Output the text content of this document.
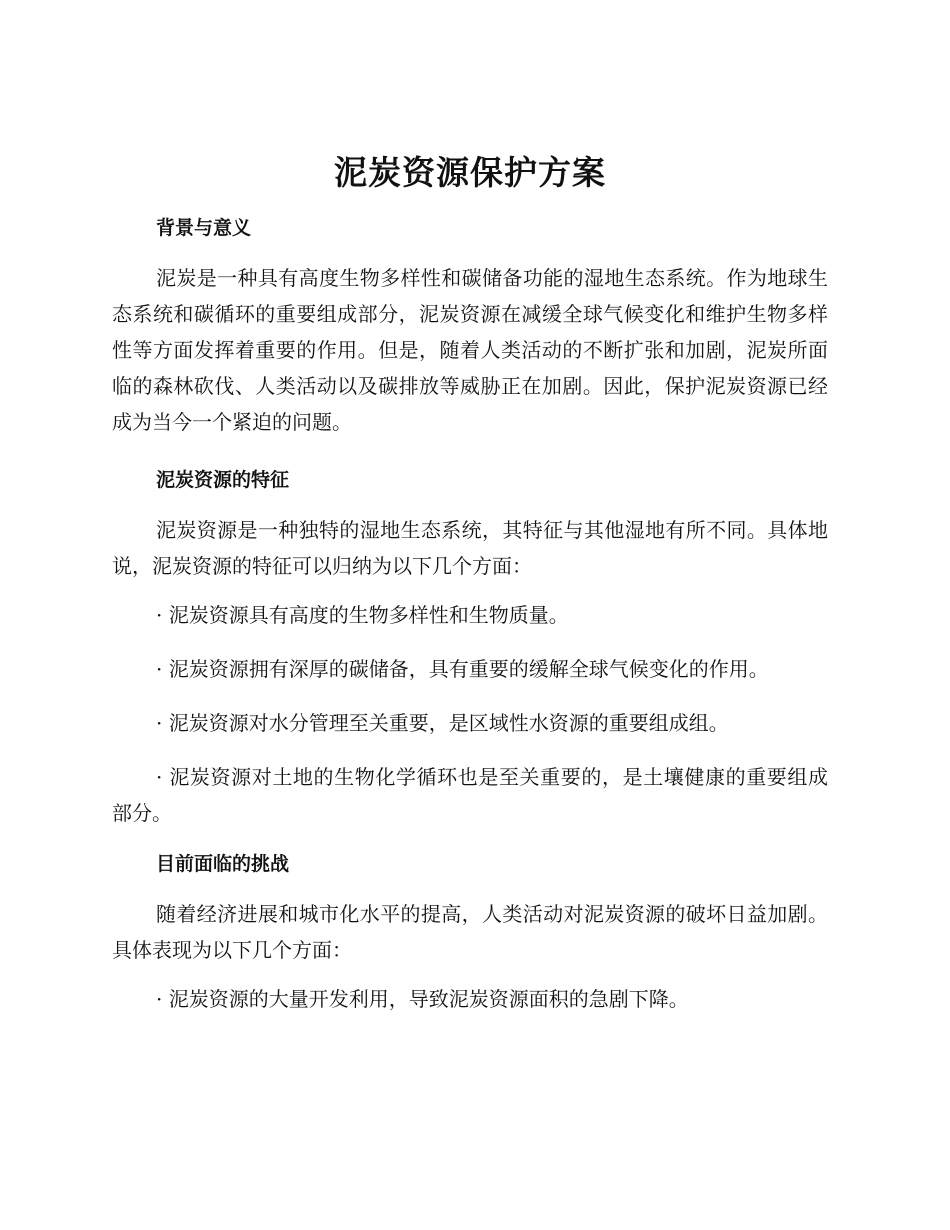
泥炭资源保护方案
背景与意义

泥炭是一种具有高度生物多样性和碳储备功能的湿地生态系统。作为地球生态系统和碳循环的重要组成部分，泥炭资源在减缓全球气候变化和维护生物多样性等方面发挥着重要的作用。但是，随着人类活动的不断扩张和加剧，泥炭所面临的森林砍伐、人类活动以及碳排放等威胁正在加剧。因此，保护泥炭资源已经成为当今一个紧迫的问题。

泥炭资源的特征

泥炭资源是一种独特的湿地生态系统，其特征与其他湿地有所不同。具体地说，泥炭资源的特征可以归纳为以下几个方面：

· 泥炭资源具有高度的生物多样性和生物质量。

· 泥炭资源拥有深厚的碳储备，具有重要的缓解全球气候变化的作用。

· 泥炭资源对水分管理至关重要，是区域性水资源的重要组成组。

· 泥炭资源对土地的生物化学循环也是至关重要的，是土壤健康的重要组成部分。

目前面临的挑战

随着经济进展和城市化水平的提高，人类活动对泥炭资源的破坏日益加剧。具体表现为以下几个方面：

· 泥炭资源的大量开发利用，导致泥炭资源面积的急剧下降。
